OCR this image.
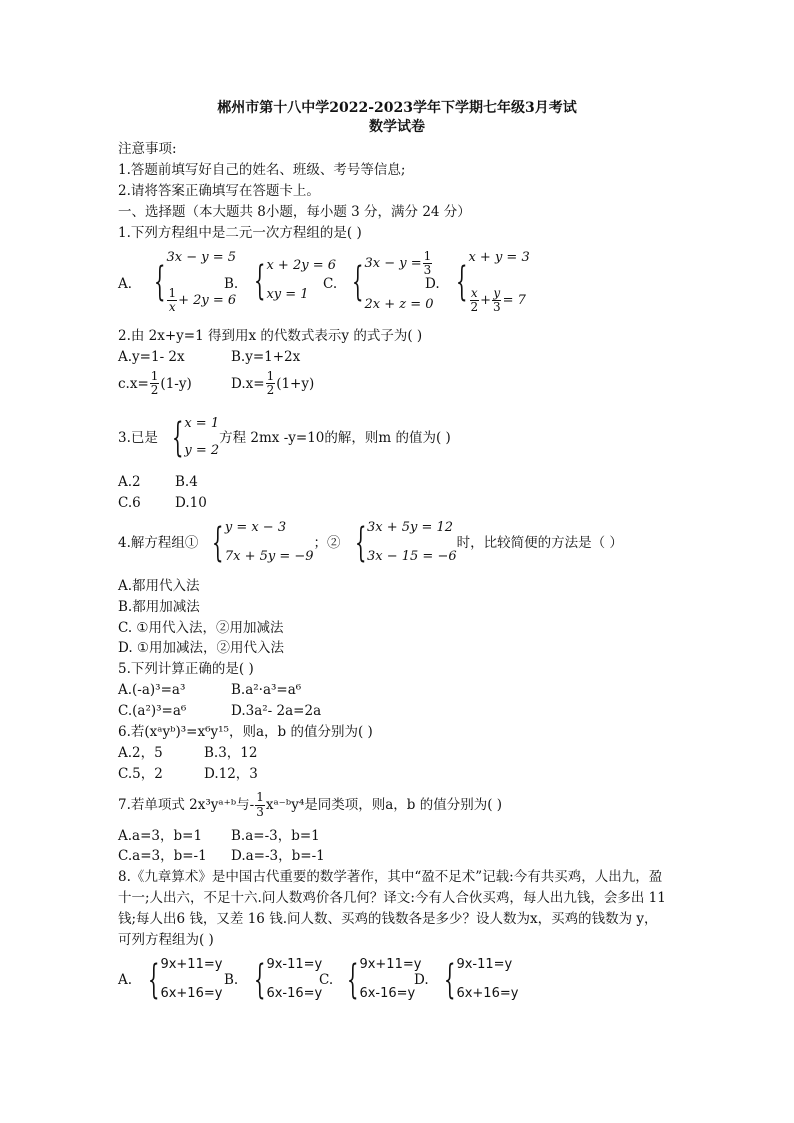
郴州市第十八中学2022-2023学年下学期七年级3月考试
数学试卷
注意事项:
1.答题前填写好自己的姓名、班级、考号等信息;
2.请将答案正确填写在答题卡上。
一、选择题（本大题共 8小题，每小题 3 分，满分 24 分）
1.下列方程组中是二元一次方程组的是( )
A． {
3x − y = 5
$\frac{1}{x} + 2y = 6$
B. { x + 2y = 6
xy = 1
C. { $3x - y = \frac{1}{3}$
2x + z = 0
D. {
x + y = 3
$\frac{x}{2} + \frac{y}{3} = 7$
2.由 2x+y=1 得到用x 的代数式表示y 的式子为( )
A.y=1- 2x	B.y=1+2x
$c.x= \frac{1}{2} (1-y)$	$D.x= \frac{1}{2} (1+y)$
3.已是 { x = 1
y = 2
方程 2mx -y=10的解，则m 的值为( )
A.2	B.4
C.6	D.10
4.解方程组① { y = x − 3
7x + 5y = −9
；② { 3x + 5y = 12
3x − 15 = −6
时，比较简便的方法是（ ）
A.都用代入法
B.都用加减法
C. ①用代入法，②用加减法
D. ①用加减法，②用代入法
5.下列计算正确的是( )
A.(-a)³=a³	B.a²·a³=a⁶
C.(a²)³=a⁶	D.3a²- 2a=2a
6.若(xᵃyᵇ)³=x⁶y¹⁵，则a，b 的值分别为( )
A.2，5	B.3，12
C.5，2	D.12，3
7.若单项式 2x³yᵃ⁺ᵇ与- $\frac{1}{3}$ xᵃ⁻ᵇy⁴是同类项，则a，b 的值分别为( )
A.a=3，b=1 B.a=-3，b=1
C.a=3，b=-1 D.a=-3，b=-1
8.《九章算术》是中国古代重要的数学著作，其中“盈不足术”记载:今有共买鸡，人出九，盈
十一;人出六，不足十六.问人数鸡价各几何？译文:今有人合伙买鸡，每人出九钱，会多出 11
钱;每人出6 钱，又差 16 钱.问人数、买鸡的钱数各是多少？设人数为x，买鸡的钱数为 y，
可列方程组为( )
A. { 9x+11=y
6x+16=y
B. { 9x-11=y
6x-16=y
C. { 9x+11=y
6x-16=y
D. { 9x-11=y
6x+16=y
